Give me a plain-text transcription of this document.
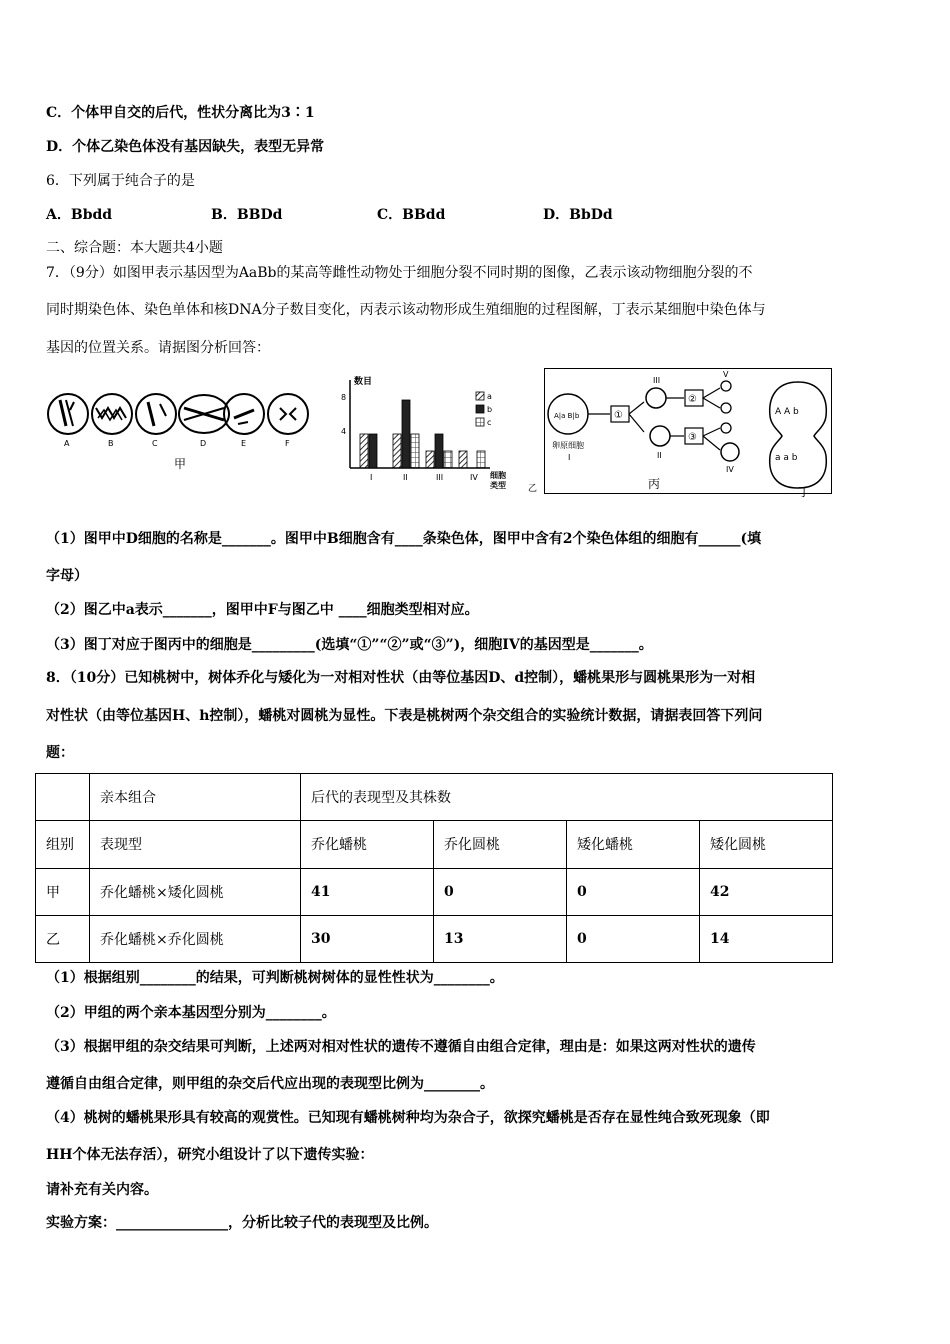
C．个体甲自交的后代，性状分离比为3∶1
D．个体乙染色体没有基因缺失，表型无异常
6．下列属于纯合子的是
A．Bbdd	B．BBDd	C．BBdd	D．BbDd
二、综合题：本大题共4小题
7．（9分）如图甲表示基因型为AaBb的某高等雌性动物处于细胞分裂不同时期的图像，乙表示该动物细胞分裂的不
同时期染色体、染色单体和核DNA分子数目变化，丙表示该动物形成生殖细胞的过程图解，丁表示某细胞中染色体与
基因的位置关系。请据图分析回答：
A	B	C	D	E	F
甲
数目
8
4
a
b
c
I	II	III	IV 细胞
类型 乙
A|a B|b
卵原细胞
I
①
III
II
②
③
V
IV
丙
A A b
a a b
丁
（1）图甲中D细胞的名称是_______。图甲中B细胞含有____条染色体，图甲中含有2个染色体组的细胞有______(填
字母）
（2）图乙中a表示_______，图甲中F与图乙中 ____细胞类型相对应。
（3）图丁对应于图丙中的细胞是_________(选填“①”“②”或“③”)，细胞IV的基因型是_______。
8．（10分）已知桃树中，树体乔化与矮化为一对相对性状（由等位基因D、d控制），蟠桃果形与圆桃果形为一对相
对性状（由等位基因H、h控制），蟠桃对圆桃为显性。下表是桃树两个杂交组合的实验统计数据，请据表回答下列问
题：
	亲本组合	后代的表现型及其株数			
组别	表现型	乔化蟠桃	乔化圆桃	矮化蟠桃	矮化圆桃
甲	乔化蟠桃×矮化圆桃	41	0	0	42
乙	乔化蟠桃×乔化圆桃	30	13	0	14
（1）根据组别________的结果，可判断桃树树体的显性性状为________。
（2）甲组的两个亲本基因型分别为________。
（3）根据甲组的杂交结果可判断，上述两对相对性状的遗传不遵循自由组合定律，理由是：如果这两对性状的遗传
遵循自由组合定律，则甲组的杂交后代应出现的表现型比例为________。
（4）桃树的蟠桃果形具有较高的观赏性。已知现有蟠桃树种均为杂合子，欲探究蟠桃是否存在显性纯合致死现象（即
HH个体无法存活），研究小组设计了以下遗传实验：
请补充有关内容。
实验方案：________________，分析比较子代的表现型及比例。
